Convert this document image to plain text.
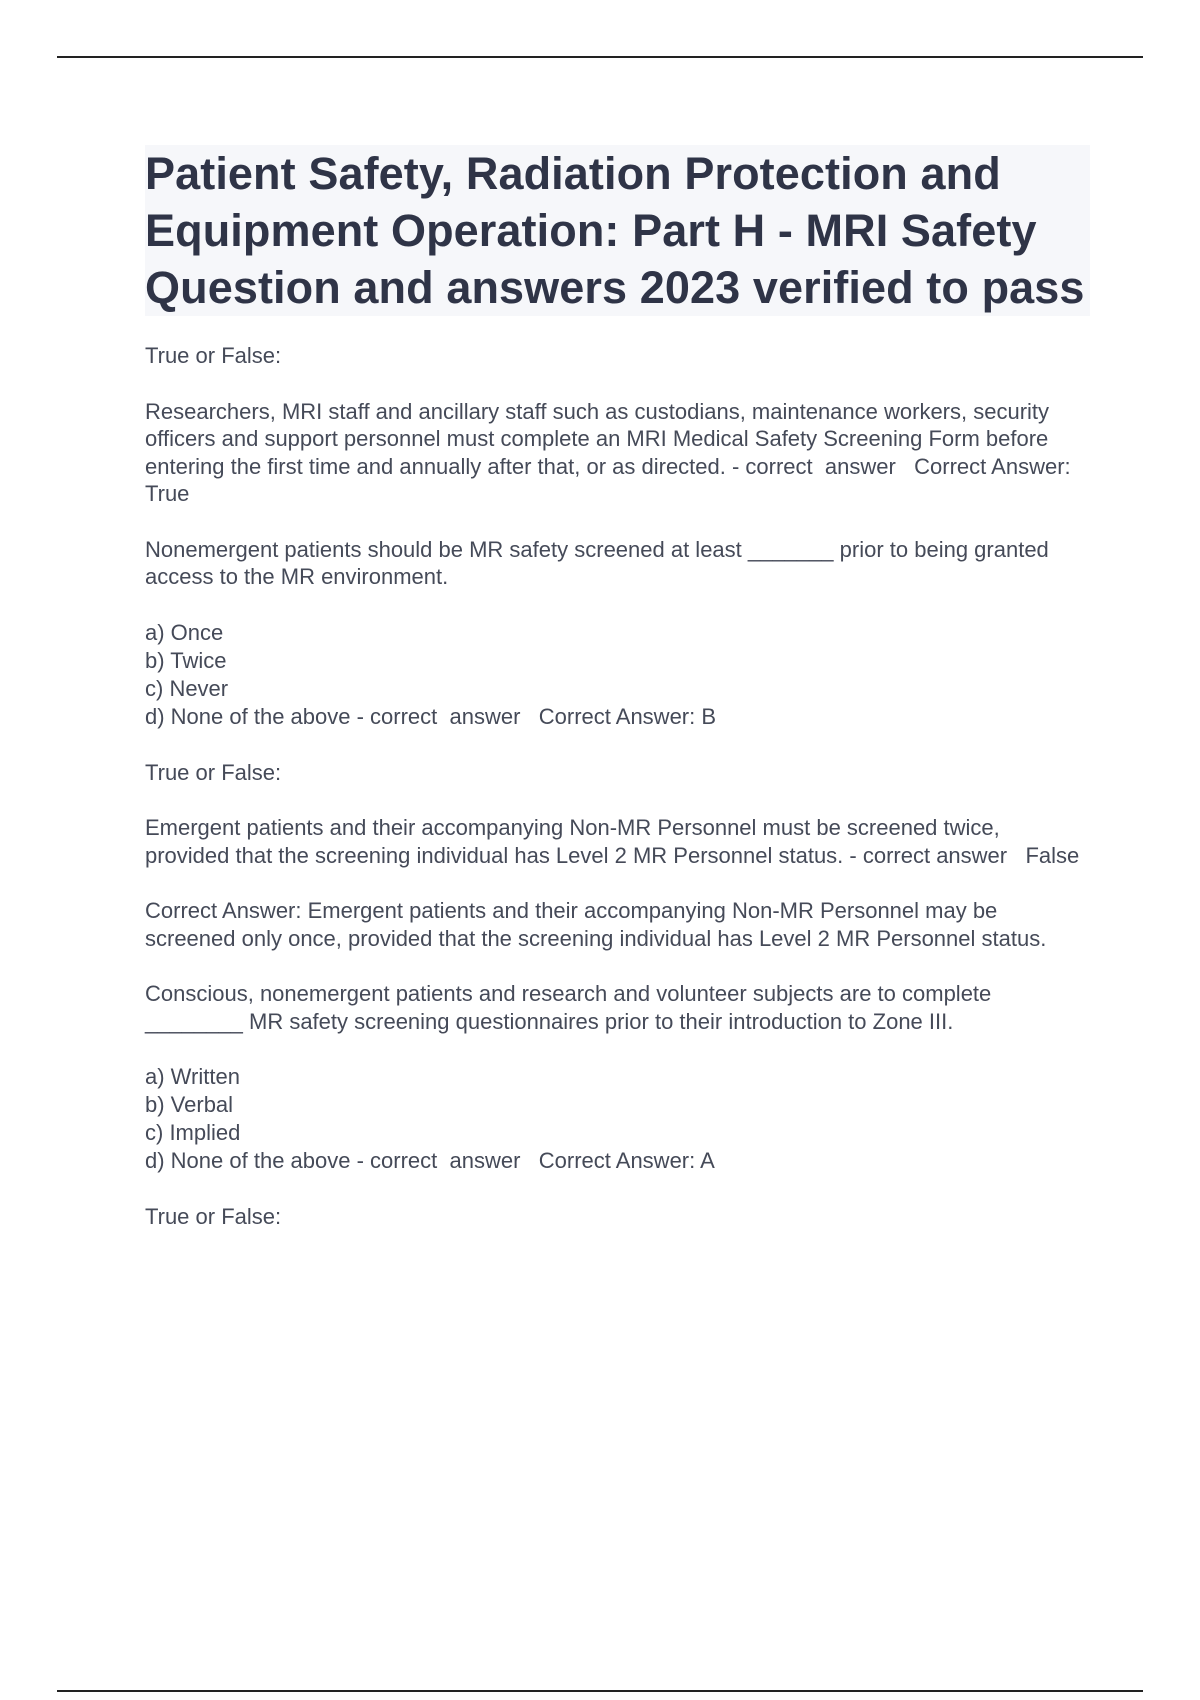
Patient Safety, Radiation Protection and Equipment Operation: Part H - MRI Safety Question and answers 2023 verified to pass

True or False:

Researchers, MRI staff and ancillary staff such as custodians, maintenance workers, security officers and support personnel must complete an MRI Medical Safety Screening Form before entering the first time and annually after that, or as directed. - correct  answer   Correct Answer: True

Nonemergent patients should be MR safety screened at least _______ prior to being granted access to the MR environment.

a) Once
b) Twice
c) Never
d) None of the above - correct  answer   Correct Answer: B

True or False:

Emergent patients and their accompanying Non-MR Personnel must be screened twice, provided that the screening individual has Level 2 MR Personnel status. - correct answer   False

Correct Answer: Emergent patients and their accompanying Non-MR Personnel may be screened only once, provided that the screening individual has Level 2 MR Personnel status.

Conscious, nonemergent patients and research and volunteer subjects are to complete ________ MR safety screening questionnaires prior to their introduction to Zone III.

a) Written
b) Verbal
c) Implied
d) None of the above - correct  answer   Correct Answer: A

True or False:
